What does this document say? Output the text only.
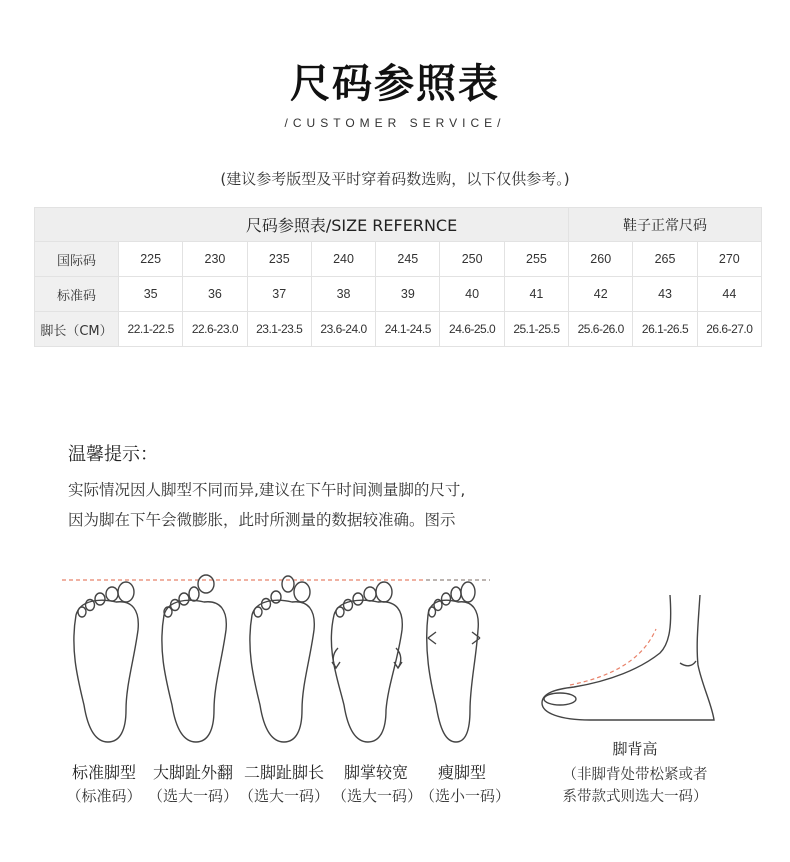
尺码参照表
/CUSTOMER SERVICE/
(建议参考版型及平时穿着码数选购，以下仅供参考。)
尺码参照表/SIZE REFERNCE								鞋子正常尺码		
国际码	225	230	235	240	245	250	255	260	265	270
标准码	35	36	37	38	39	40	41	42	43	44
脚长（CM）	22.1-22.5	22.6-23.0	23.1-23.5	23.6-24.0	24.1-24.5	24.6-25.0	25.1-25.5	25.6-26.0	26.1-26.5	26.6-27.0
温馨提示：
实际情况因人脚型不同而异,建议在下午时间测量脚的尺寸,
因为脚在下午会微膨胀，此时所测量的数据较准确。图示
标准脚型	大脚趾外翻 二脚趾脚长	脚掌较宽	瘦脚型
（标准码） （选大一码） （选大一码） （选大一码）
（选小一码）
脚背高
（非脚背处带松紧或者
系带款式则选大一码）
